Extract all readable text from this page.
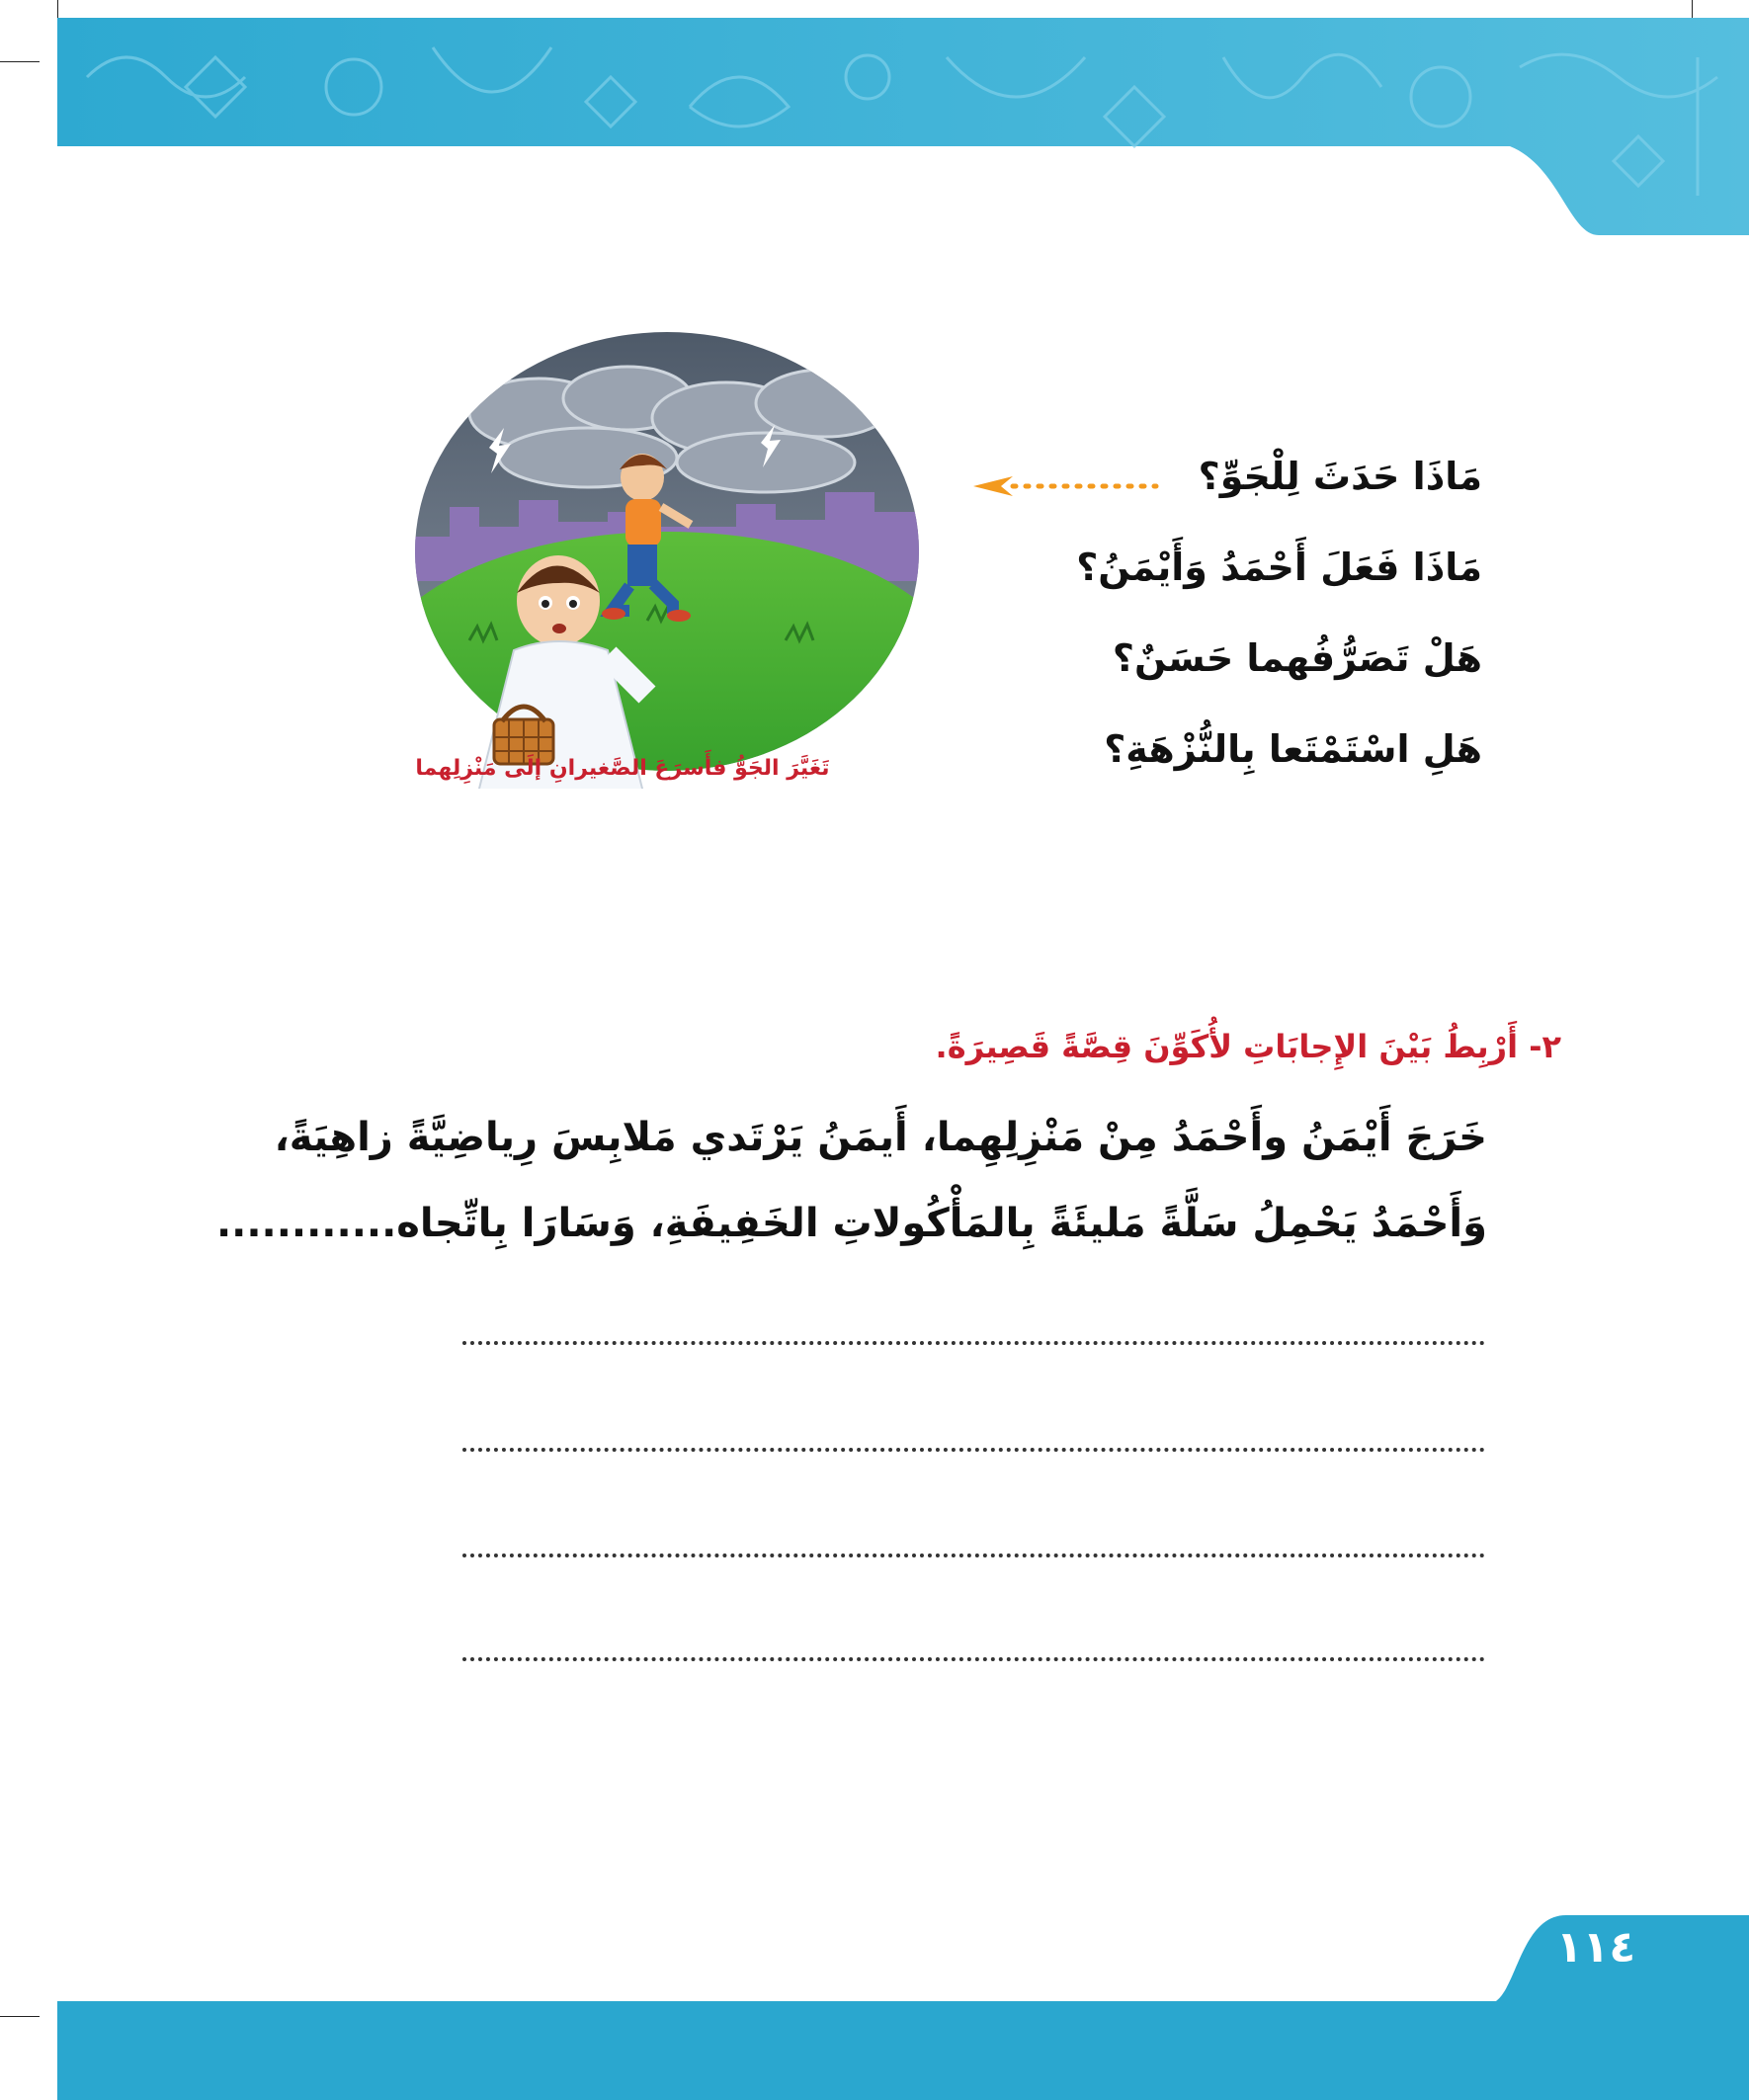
تَغَيَّرَ الجَوُّ فأَسرَعَ الصَّغيرانِ إلَى مَنْزِلِهما
مَاذَا حَدَثَ لِلْجَوِّ؟
مَاذَا فَعَلَ أَحْمَدُ وَأَيْمَنُ؟
هَلْ تَصَرُّفُهما حَسَنٌ؟
هَلِ اسْتَمْتَعا بِالنُّزْهَةِ؟
٢- أَرْبِطُ بَيْنَ الإِجابَاتِ لأُكَوِّنَ قِصَّةً قَصِيرَةً.
خَرَجَ أَيْمَنُ وأَحْمَدُ مِنْ مَنْزِلِهِما، أَيمَنُ يَرْتَدي مَلابِسَ رِياضِيَّةً زاهِيَةً،
وَأَحْمَدُ يَحْمِلُ سَلَّةً مَليئَةً بِالمَأْكُولاتِ الخَفِيفَةِ، وَسَارَا بِاتِّجاه............
١١٤
